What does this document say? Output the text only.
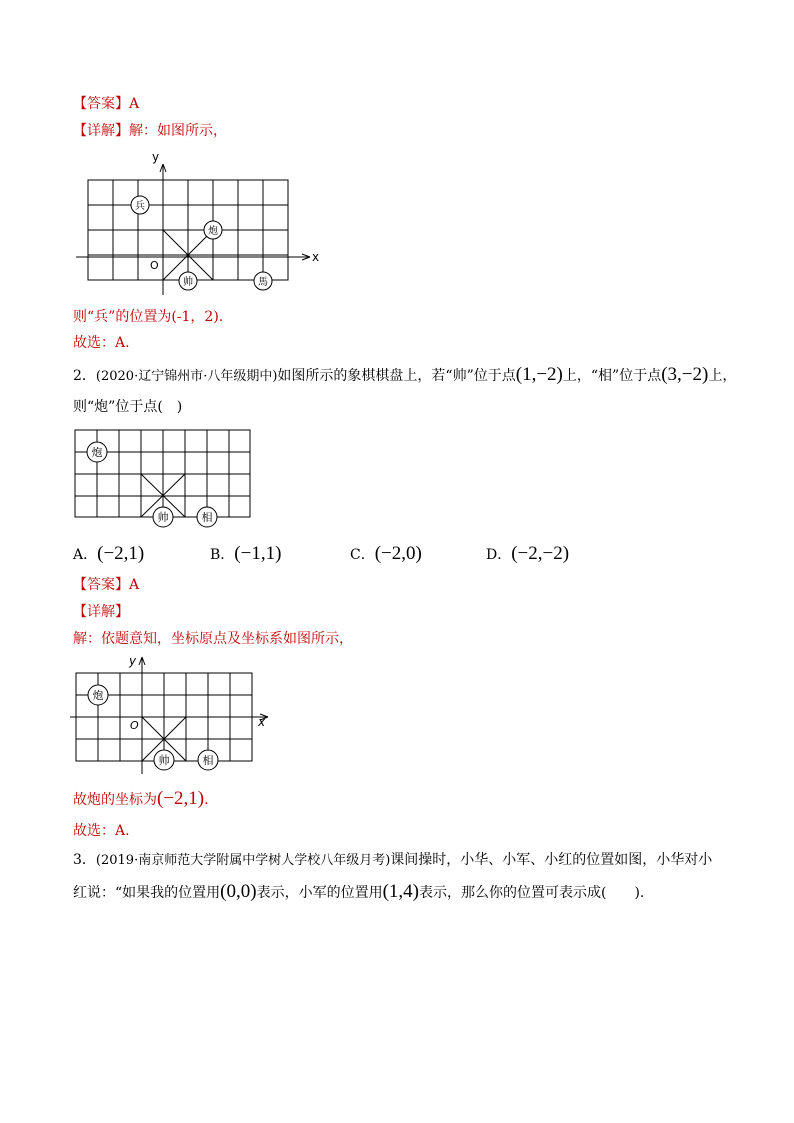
【答案】A
【详解】解：如图所示，
y
x
O
兵
炮
帅	馬
则“兵”的位置为(-1，2).
故选：A.
2．(2020·辽宁锦州市·八年级期中)如图所示的象棋棋盘上，若“帅”位于点(1,−2)上，“相”位于点(3,−2)上，
则“炮”位于点(　)
炮
帅	相
A．(−2,1)	B．(−1,1)	C．(−2,0)	D．(−2,−2)
【答案】A
【详解】
解：依题意知，坐标原点及坐标系如图所示，
y
x
O
炮
帅	相
故炮的坐标为(−2,1).
故选：A.
3．(2019·南京师范大学附属中学树人学校八年级月考)课间操时，小华、小军、小红的位置如图，小华对小
红说：“如果我的位置用(0,0)表示，小军的位置用(1,4)表示，那么你的位置可表示成(　　).
